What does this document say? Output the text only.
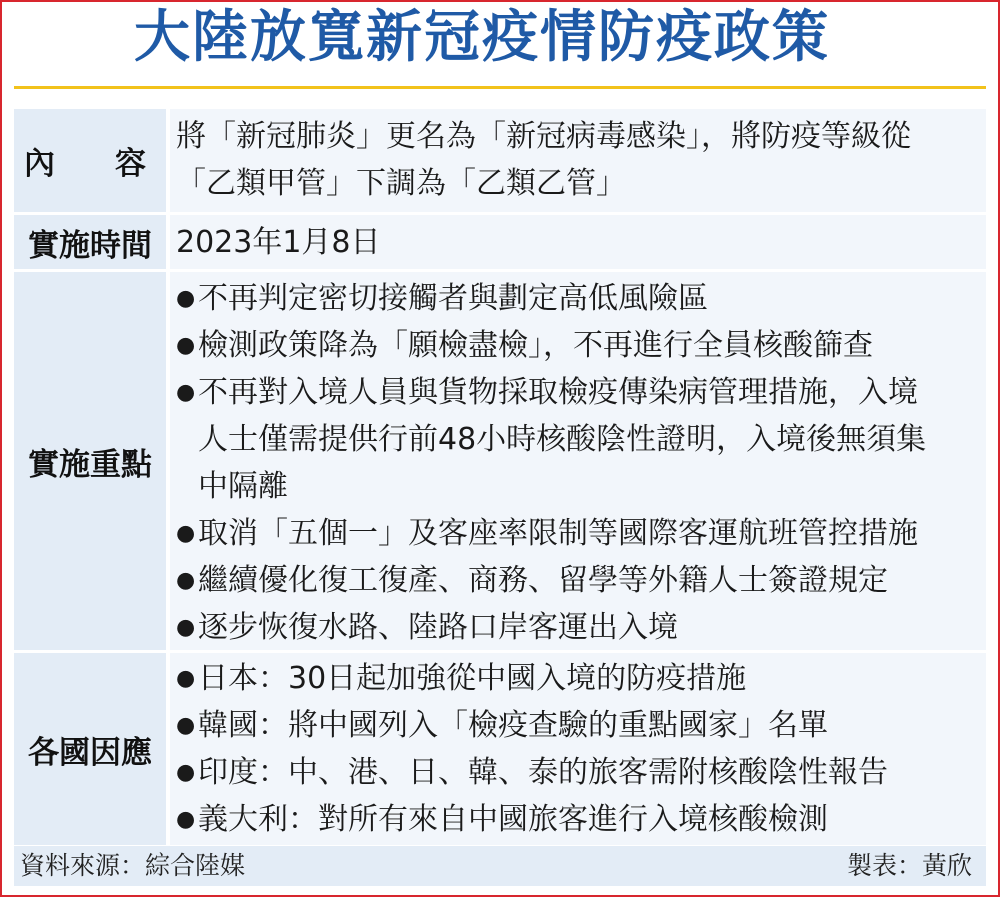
大陸放寬新冠疫情防疫政策
內 容
將「新冠肺炎」更名為「新冠病毒感染」，將防疫等級從
「乙類甲管」下調為「乙類乙管」
實施時間 2023年1月8日
實施重點
● 不再判定密切接觸者與劃定高低風險區
● 檢測政策降為「願檢盡檢」，不再進行全員核酸篩查
● 不再對入境人員與貨物採取檢疫傳染病管理措施，入境
人士僅需提供行前48小時核酸陰性證明，入境後無須集
中隔離
● 取消「五個一」及客座率限制等國際客運航班管控措施
● 繼續優化復工復產、商務、留學等外籍人士簽證規定
● 逐步恢復水路、陸路口岸客運出入境
各國因應
● 日本：30日起加強從中國入境的防疫措施
● 韓國：將中國列入「檢疫查驗的重點國家」名單
● 印度：中、港、日、韓、泰的旅客需附核酸陰性報告
● 義大利：對所有來自中國旅客進行入境核酸檢測
資料來源：綜合陸媒	製表：黃欣
